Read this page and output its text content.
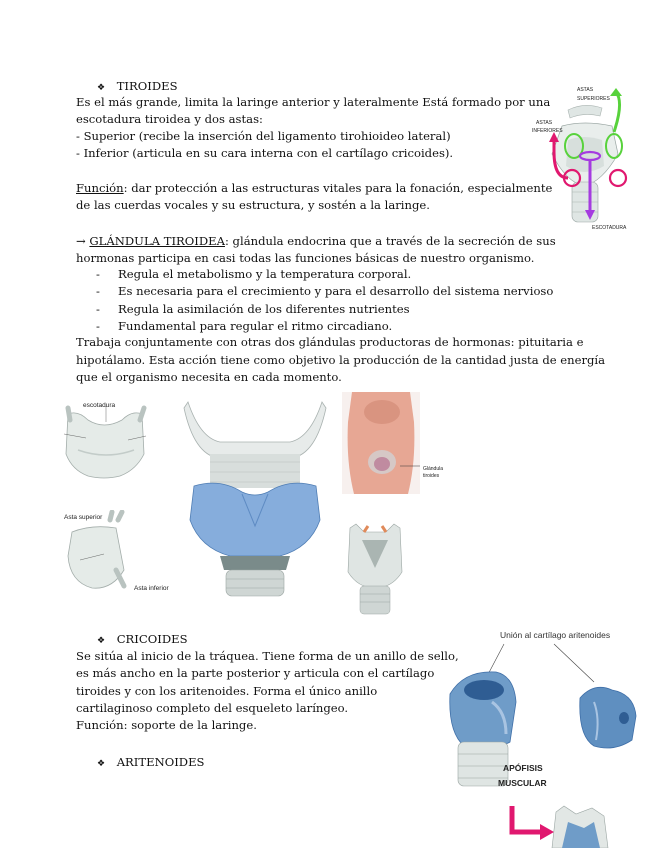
❖ TIROIDES
Es el más grande, limita la laringe anterior y lateralmente Está formado por una
escotadura tiroidea y dos astas:
- Superior (recibe la inserción del ligamento tirohioideo lateral)
- Inferior (articula en su cara interna con el cartílago cricoides).
Función: dar protección a las estructuras vitales para la fonación, especialmente
de las cuerdas vocales y su estructura, y sostén a la laringe.
→ GLÁNDULA TIROIDEA: glándula endocrina que a través de la secreción de sus
hormonas participa en casi todas las funciones básicas de nuestro organismo.
- Regula el metabolismo y la temperatura corporal.
- Es necesaria para el crecimiento y para el desarrollo del sistema nervioso
- Regula la asimilación de los diferentes nutrientes
- Fundamental para regular el ritmo circadiano.
Trabaja conjuntamente con otras dos glándulas productoras de hormonas: pituitaria e
hipotálamo. Esta acción tiene como objetivo la producción de la cantidad justa de energía
que el organismo necesita en cada momento.
ASTAS
SUPERIORES
ASTAS
INFERIORES
ESCOTADURA
escotadura
Asta superior
Asta inferior
Glándula
tiroides
❖ CRICOIDES
Se sitúa al inicio de la tráquea. Tiene forma de un anillo de sello,
es más ancho en la parte posterior y articula con el cartílago
tiroides y con los aritenoides. Forma el único anillo
cartilaginoso completo del esqueleto laríngeo.
Función: soporte de la laringe.
❖ ARITENOIDES
Unión al cartílago aritenoides
APÓFISIS
MUSCULAR
